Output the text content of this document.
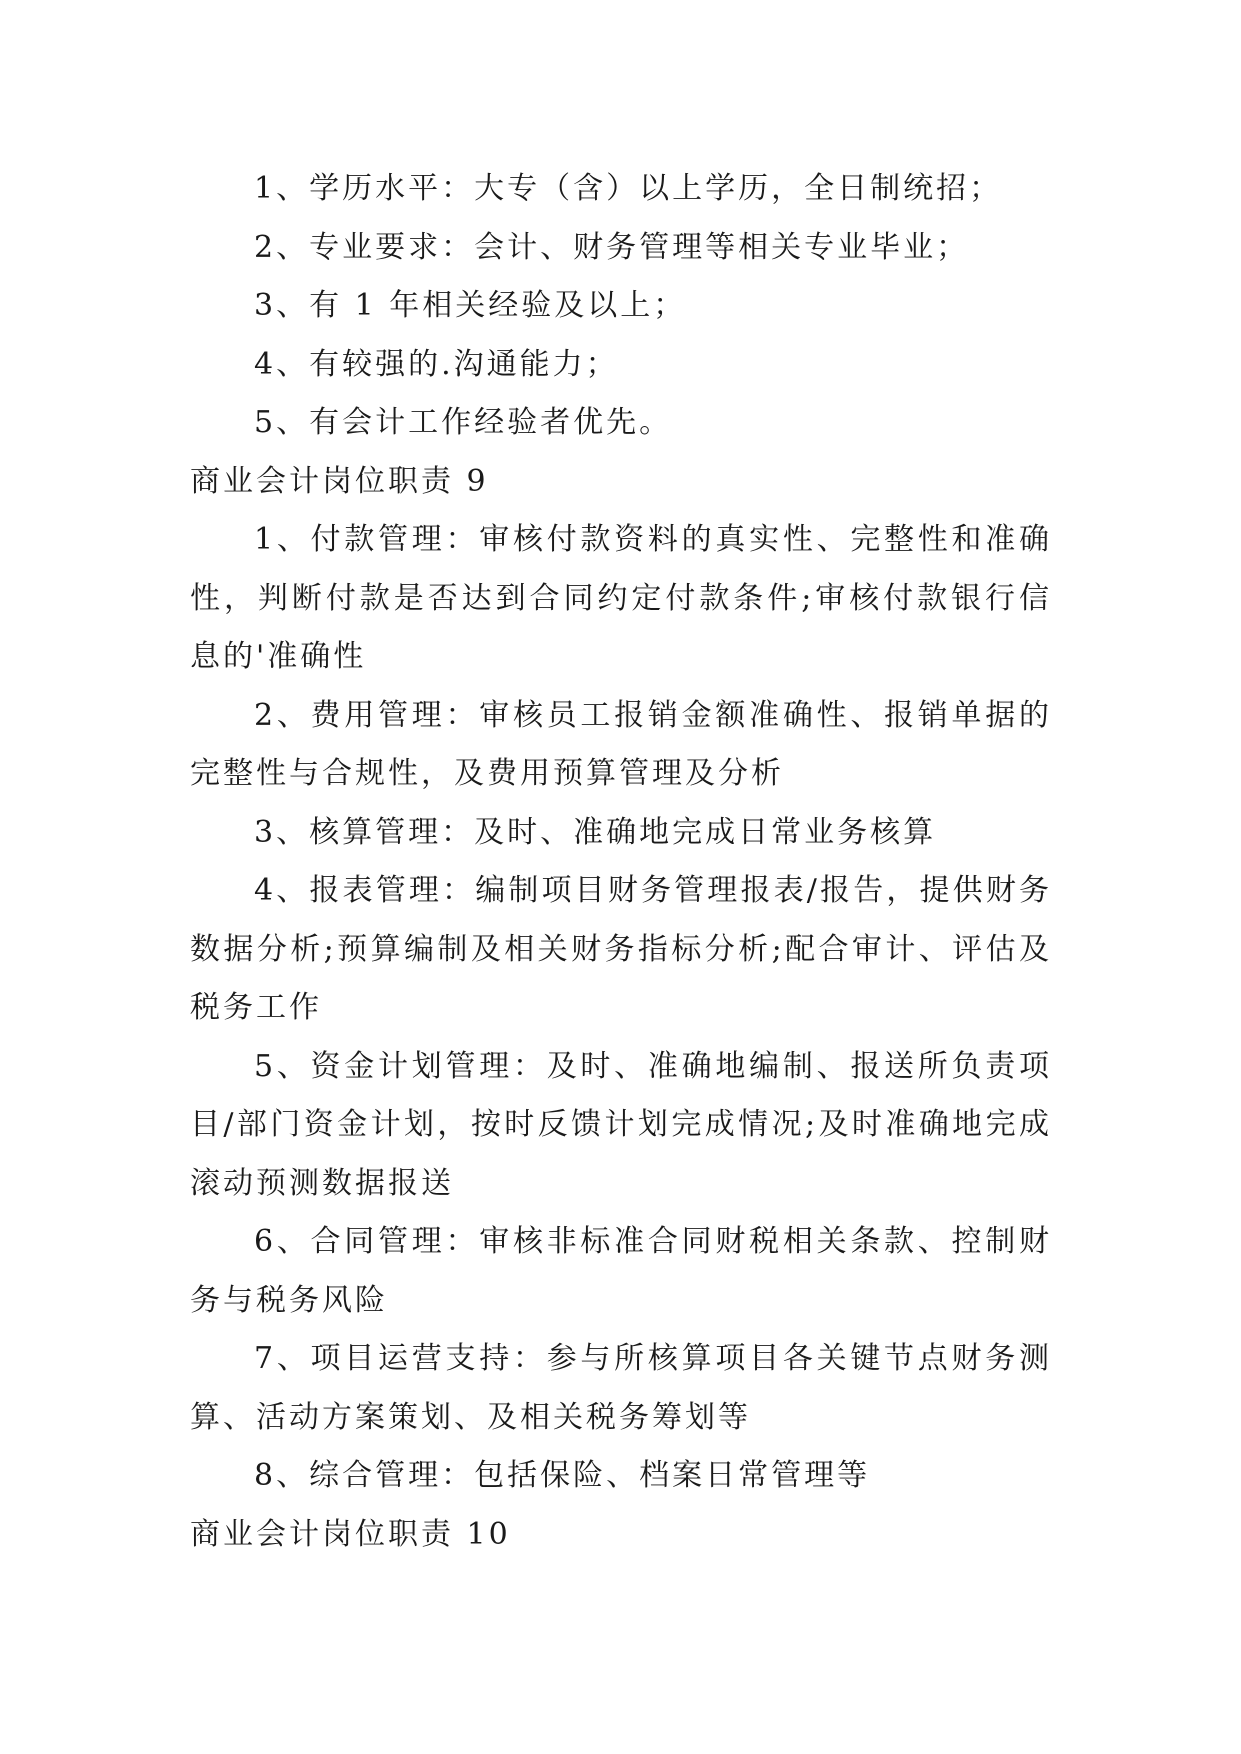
1、学历水平：大专（含）以上学历，全日制统招；

2、专业要求：会计、财务管理等相关专业毕业；

3、有 1 年相关经验及以上；

4、有较强的.沟通能力；

5、有会计工作经验者优先。

商业会计岗位职责 9

1、付款管理：审核付款资料的真实性、完整性和准确性，判断付款是否达到合同约定付款条件;审核付款银行信息的'准确性

2、费用管理：审核员工报销金额准确性、报销单据的完整性与合规性，及费用预算管理及分析

3、核算管理：及时、准确地完成日常业务核算

4、报表管理：编制项目财务管理报表/报告，提供财务数据分析;预算编制及相关财务指标分析;配合审计、评估及税务工作

5、资金计划管理：及时、准确地编制、报送所负责项目/部门资金计划，按时反馈计划完成情况;及时准确地完成滚动预测数据报送

6、合同管理：审核非标准合同财税相关条款、控制财务与税务风险

7、项目运营支持：参与所核算项目各关键节点财务测算、活动方案策划、及相关税务筹划等

8、综合管理：包括保险、档案日常管理等

商业会计岗位职责 10
